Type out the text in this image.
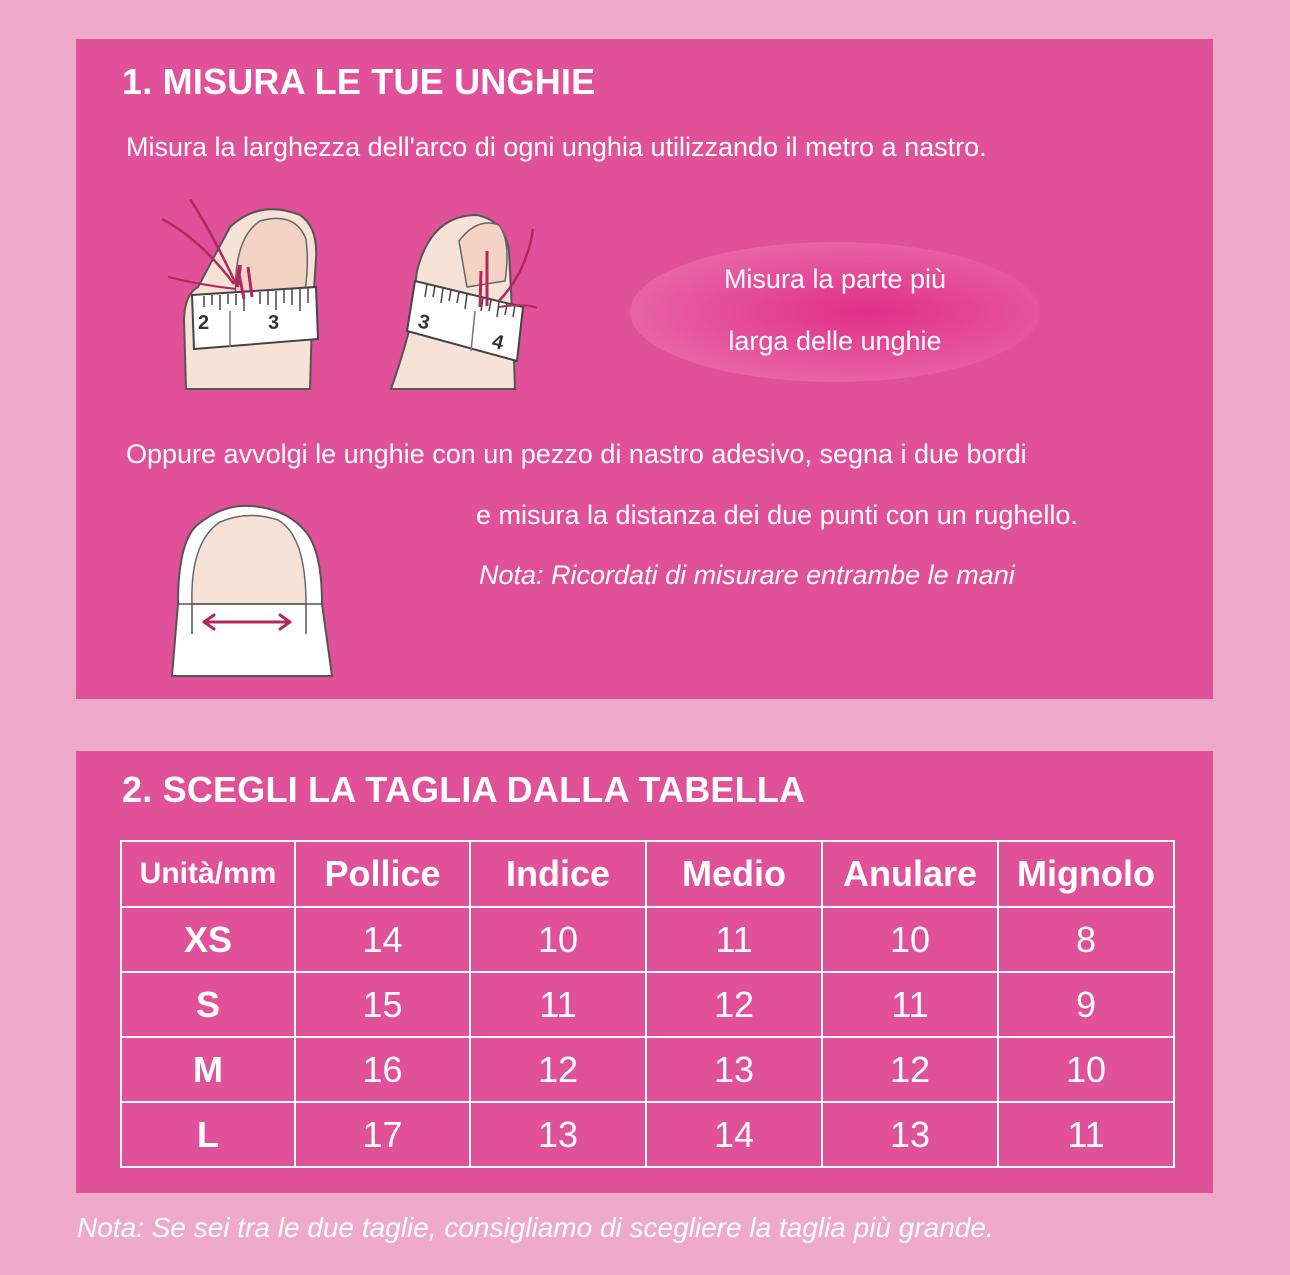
1. MISURA LE TUE UNGHIE

Misura la larghezza dell'arco di ogni unghia utilizzando il metro a nastro.

2	3	3
4
Misura la parte più
larga delle unghie

Oppure avvolgi le unghie con un pezzo di nastro adesivo, segna i due bordi

e misura la distanza dei due punti con un rughello.

Nota: Ricordati di misurare entrambe le mani

2. SCEGLI LA TAGLIA DALLA TABELLA
Unità/mm	Pollice	Indice	Medio	Anulare	Mignolo
XS	14	10	11	10	8
S	15	11	12	11	9
M	16	12	13	12	10
L	17	13	14	13	11
Nota: Se sei tra le due taglie, consigliamo di scegliere la taglia più grande.
